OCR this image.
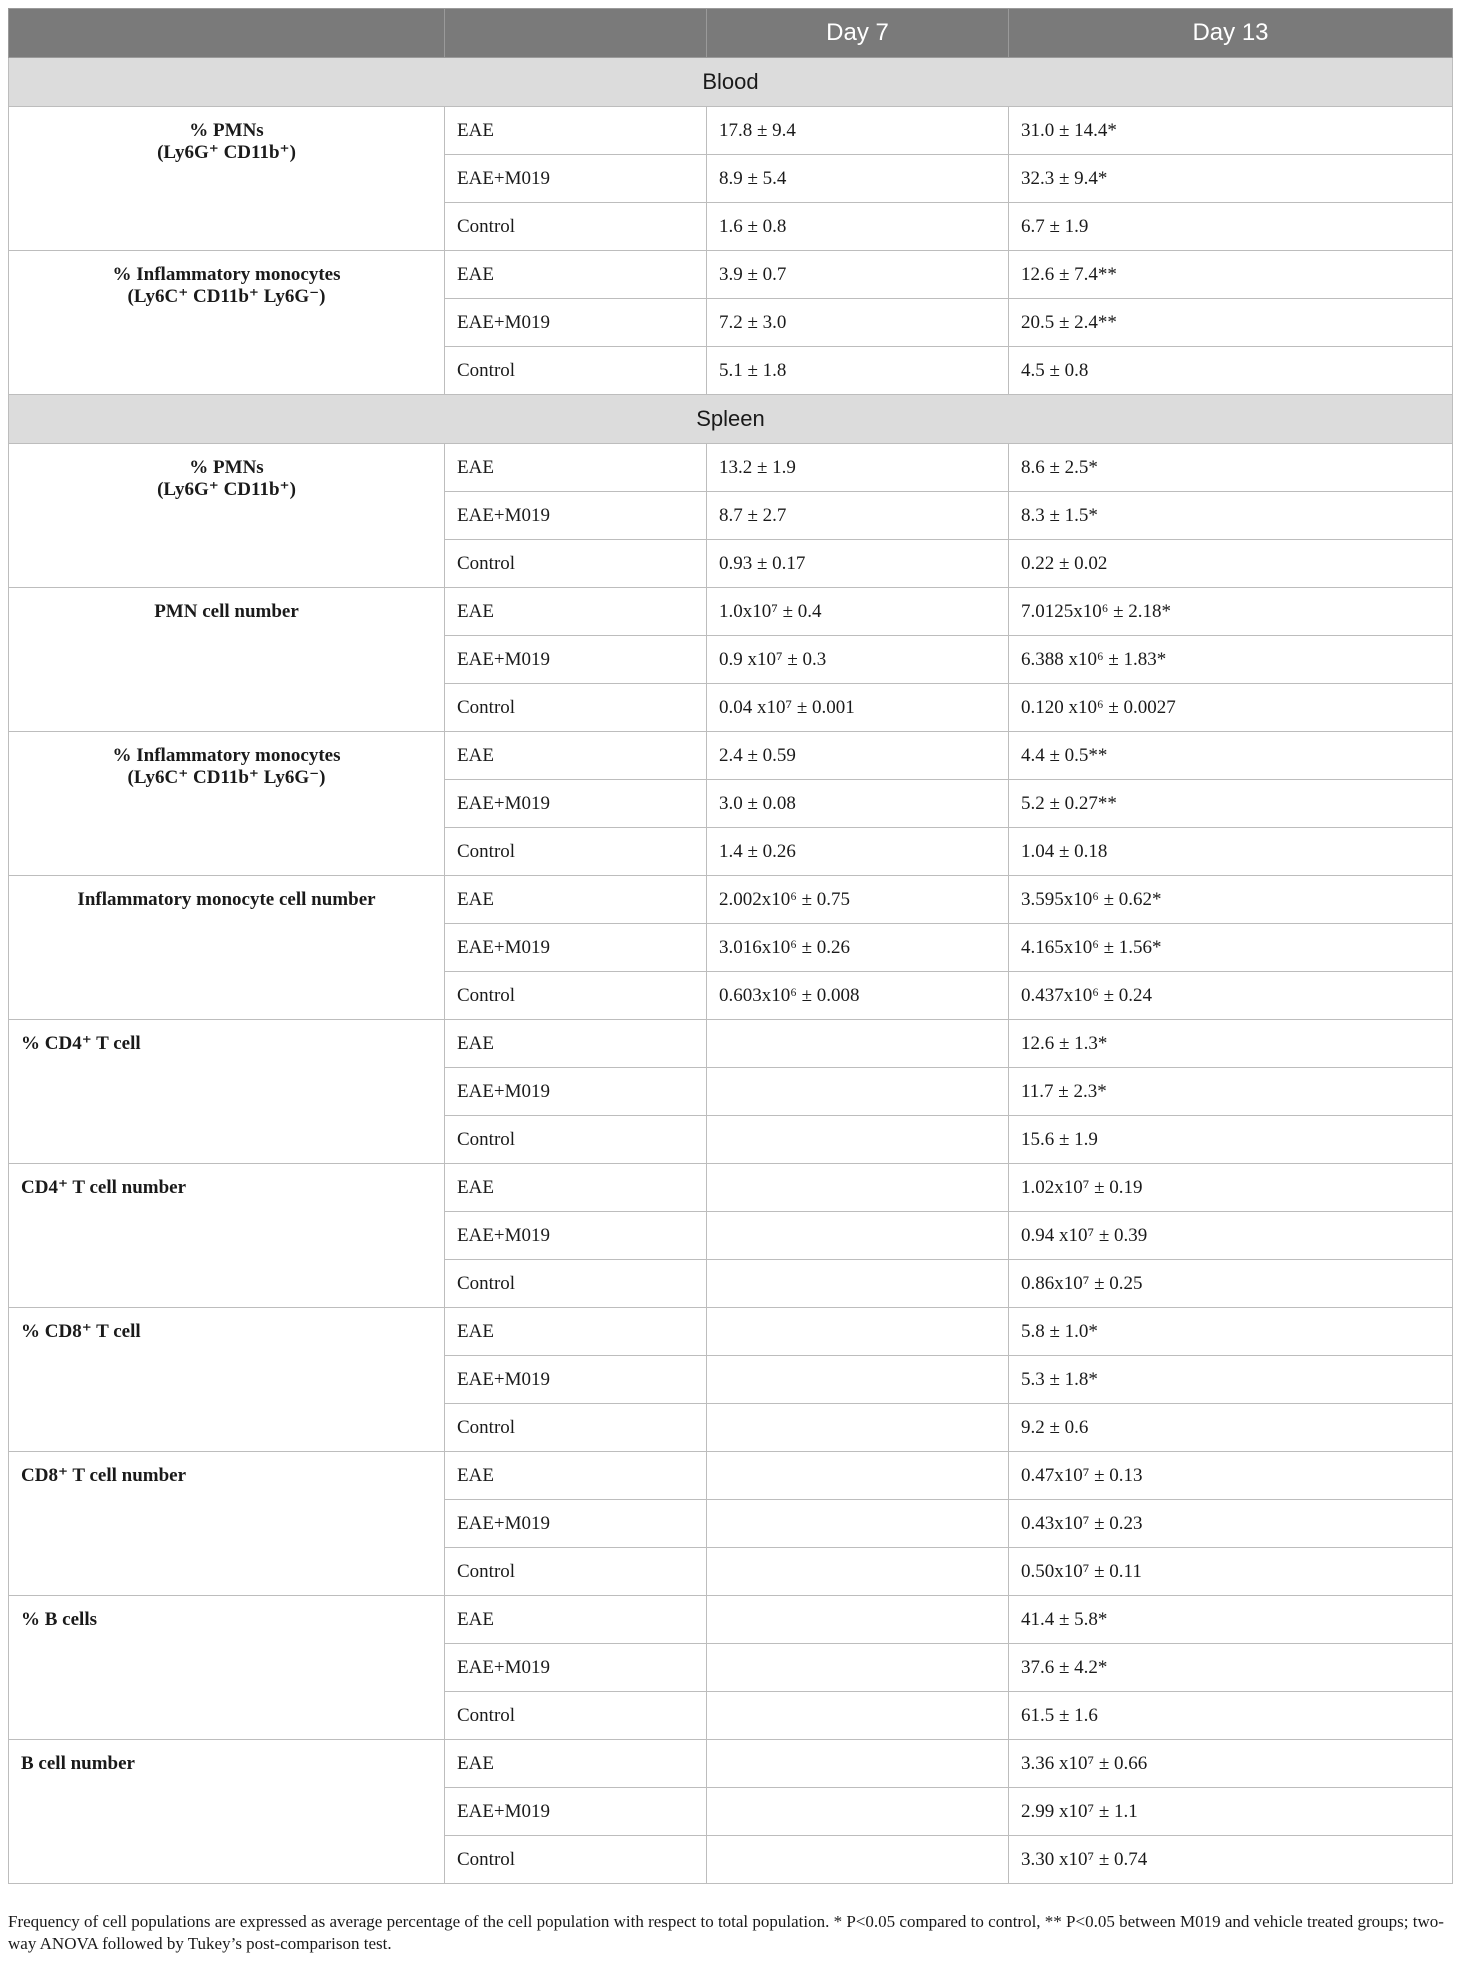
		Day 7	Day 13
Blood			

% PMNs
(Ly6G⁺ CD11b⁺)	EAE	17.8 ± 9.4	31.0 ± 14.4*
	EAE+M019	8.9 ± 5.4	32.3 ± 9.4*
	Control	1.6 ± 0.8	6.7 ± 1.9

% Inflammatory monocytes
(Ly6C⁺ CD11b⁺ Ly6G⁻)	EAE	3.9 ± 0.7	12.6 ± 7.4**
	EAE+M019	7.2 ± 3.0	20.5 ± 2.4**
	Control	5.1 ± 1.8	4.5 ± 0.8
Spleen			

% PMNs
(Ly6G⁺ CD11b⁺)	EAE	13.2 ± 1.9	8.6 ± 2.5*
	EAE+M019	8.7 ± 2.7	8.3 ± 1.5*
	Control	0.93 ± 0.17	0.22 ± 0.02

PMN cell number	EAE	1.0x10⁷ ± 0.4	7.0125x10⁶ ± 2.18*
	EAE+M019	0.9 x10⁷ ± 0.3	6.388 x10⁶ ± 1.83*
	Control	0.04 x10⁷ ± 0.001	0.120 x10⁶ ± 0.0027

% Inflammatory monocytes
(Ly6C⁺ CD11b⁺ Ly6G⁻)	EAE	2.4 ± 0.59	4.4 ± 0.5**
	EAE+M019	3.0 ± 0.08	5.2 ± 0.27**
	Control	1.4 ± 0.26	1.04 ± 0.18

Inflammatory monocyte cell number	EAE	2.002x10⁶ ± 0.75	3.595x10⁶ ± 0.62*
	EAE+M019	3.016x10⁶ ± 0.26	4.165x10⁶ ± 1.56*
	Control	0.603x10⁶ ± 0.008	0.437x10⁶ ± 0.24

% CD4⁺ T cell	EAE		12.6 ± 1.3*
	EAE+M019		11.7 ± 2.3*
	Control		15.6 ± 1.9

CD4⁺ T cell number	EAE		1.02x10⁷ ± 0.19
	EAE+M019		0.94 x10⁷ ± 0.39
	Control		0.86x10⁷ ± 0.25

% CD8⁺ T cell	EAE		5.8 ± 1.0*
	EAE+M019		5.3 ± 1.8*
	Control		9.2 ± 0.6

CD8⁺ T cell number	EAE		0.47x10⁷ ± 0.13
	EAE+M019		0.43x10⁷ ± 0.23
	Control		0.50x10⁷ ± 0.11

% B cells	EAE		41.4 ± 5.8*
	EAE+M019		37.6 ± 4.2*
	Control		61.5 ± 1.6

B cell number	EAE		3.36 x10⁷ ± 0.66
	EAE+M019		2.99 x10⁷ ± 1.1
	Control		3.30 x10⁷ ± 0.74
Frequency of cell populations are expressed as average percentage of the cell population with respect to total population. * P<0.05 compared to control, ** P<0.05 between M019 and vehicle treated groups; two-way ANOVA followed by Tukey’s post-comparison test.
